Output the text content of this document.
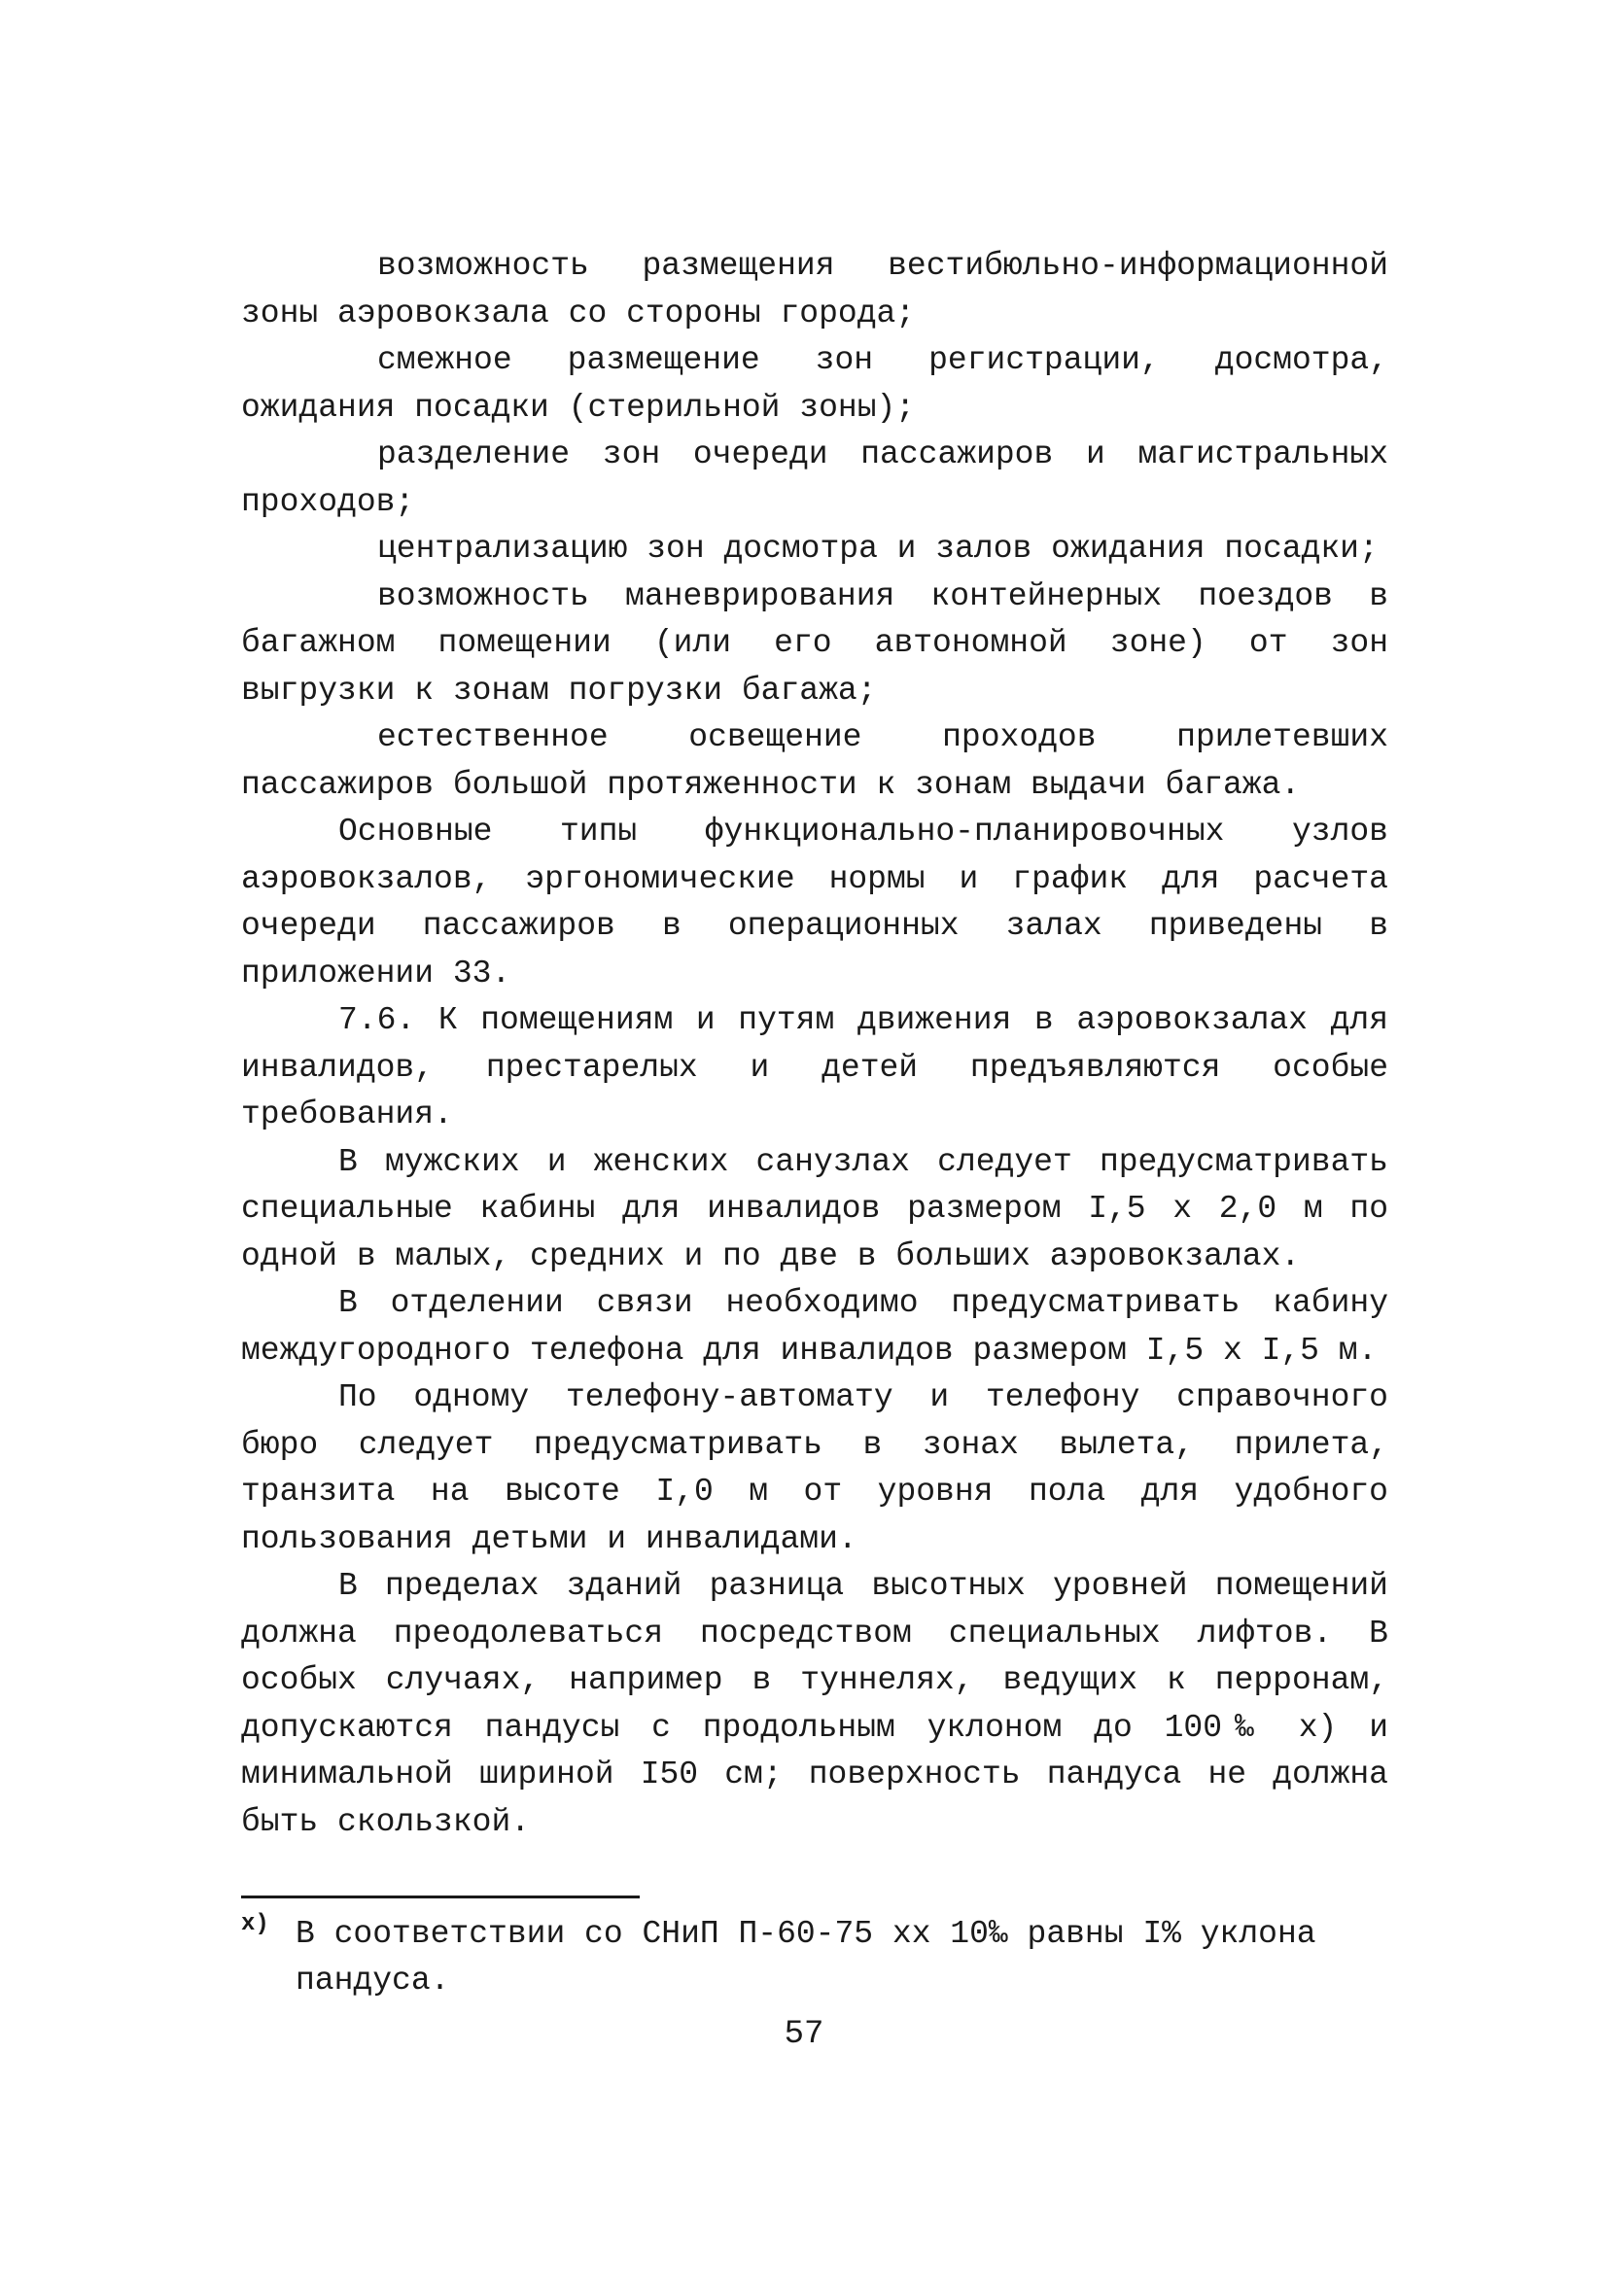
возможность размещения вестибюльно-информационной зоны аэровокзала со стороны города;

смежное размещение зон регистрации, досмотра, ожидания посадки (стерильной зоны);

разделение зон очереди пассажиров и магистральных проходов;

централизацию зон досмотра и залов ожидания посадки;

возможность маневрирования контейнерных поездов в багажном помещении (или его автономной зоне) от зон выгрузки к зонам погрузки багажа;

естественное освещение проходов прилетевших пассажиров большой протяженности к зонам выдачи багажа.

Основные типы функционально-планировочных узлов аэровокзалов, эргономические нормы и график для расчета очереди пассажиров в операционных залах приведены в приложении 33.

7.6. К помещениям и путям движения в аэровокзалах для инвалидов, престарелых и детей предъявляются особые требования.

В мужских и женских санузлах следует предусматривать специальные кабины для инвалидов размером I,5 х 2,0 м по одной в малых, средних и по две в больших аэровокзалах.

В отделении связи необходимо предусматривать кабину междугородного телефона для инвалидов размером I,5 х I,5 м.

По одному телефону-автомату и телефону справочного бюро следует предусматривать в зонах вылета, прилета, транзита на высоте I,0 м от уровня пола для удобного пользования детьми и инвалидами.

В пределах зданий разница высотных уровней помещений должна преодолеваться посредством специальных лифтов. В особых случаях, например в туннелях, ведущих к перронам, допускаются пандусы с продольным уклоном до 100‰ х) и минимальной шириной I50 см; поверхность пандуса не должна быть скользкой.

х) В соответствии со СНиП П-60-75 хх 10‰ равны I% уклона пандуса.

57
